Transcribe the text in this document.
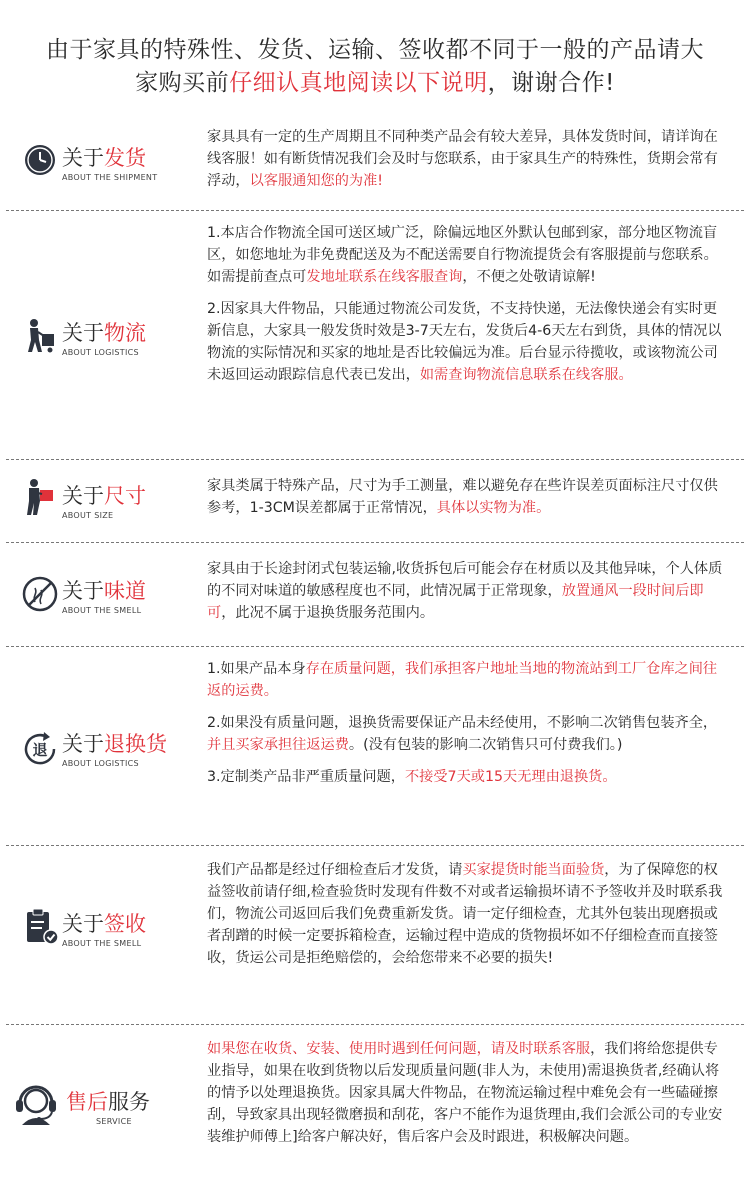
由于家具的特殊性、发货、运输、签收都不同于一般的产品请大
家购买前仔细认真地阅读以下说明，谢谢合作!
关于发货
ABOUT THE SHIPMENT

家具具有一定的生产周期且不同种类产品会有较大差异，具体发货时间，请详询在线客服！如有断货情况我们会及时与您联系，由于家具生产的特殊性，货期会常有浮动，以客服通知您的为准!

关于物流
ABOUT LOGISTICS

1.本店合作物流全国可送区域广泛，除偏远地区外默认包邮到家，部分地区物流盲区，如您地址为非免费配送及为不配送需要自行物流提货会有客服提前与您联系。如需提前查点可发地址联系在线客服查询，不便之处敬请谅解!

2.因家具大件物品，只能通过物流公司发货，不支持快递，无法像快递会有实时更新信息，大家具一般发货时效是3-7天左右，发货后4-6天左右到货，具体的情况以物流的实际情况和买家的地址是否比较偏远为准。后台显示待揽收，或该物流公司未返回运动跟踪信息代表已发出，如需查询物流信息联系在线客服。

关于尺寸
ABOUT SIZE

家具类属于特殊产品，尺寸为手工测量，难以避免存在些许误差页面标注尺寸仅供参考，1-3CM误差都属于正常情况，具体以实物为准。

关于味道
ABOUT THE SMELL

家具由于长途封闭式包装运输,收货拆包后可能会存在材质以及其他异味，个人体质的不同对味道的敏感程度也不同，此情况属于正常现象，放置通风一段时间后即可，此况不属于退换货服务范围内。

退 关于退换货
ABOUT LOGISTICS

1.如果产品本身存在质量问题，我们承担客户地址当地的物流站到工厂仓库之间往返的运费。

2.如果没有质量问题，退换货需要保证产品未经使用，不影响二次销售包装齐全，并且买家承担往返运费。(没有包装的影响二次销售只可付费我们。)

3.定制类产品非严重质量问题，不接受7天或15天无理由退换货。

关于签收
ABOUT THE SMELL

我们产品都是经过仔细检查后才发货，请买家提货时能当面验货，为了保障您的权益签收前请仔细,检查验货时发现有件数不对或者运输损坏请不予签收并及时联系我们，物流公司返回后我们免费重新发货。请一定仔细检查，尤其外包装出现磨损或者刮蹭的时候一定要拆箱检查，运输过程中造成的货物损坏如不仔细检查而直接签收，货运公司是拒绝赔偿的，会给您带来不必要的损失!

售后服务
SERVICE

如果您在收货、安装、使用时遇到任何问题，请及时联系客服，我们将给您提供专业指导，如果在收到货物以后发现质量问题(非人为，未使用)需退换货者,经确认将的情予以处理退换货。因家具属大件物品，在物流运输过程中难免会有一些磕碰擦刮，导致家具出现轻微磨损和刮花，客户不能作为退货理由,我们会派公司的专业安装维护师傅上]给客户解决好，售后客户会及时跟进，积极解决问题。
